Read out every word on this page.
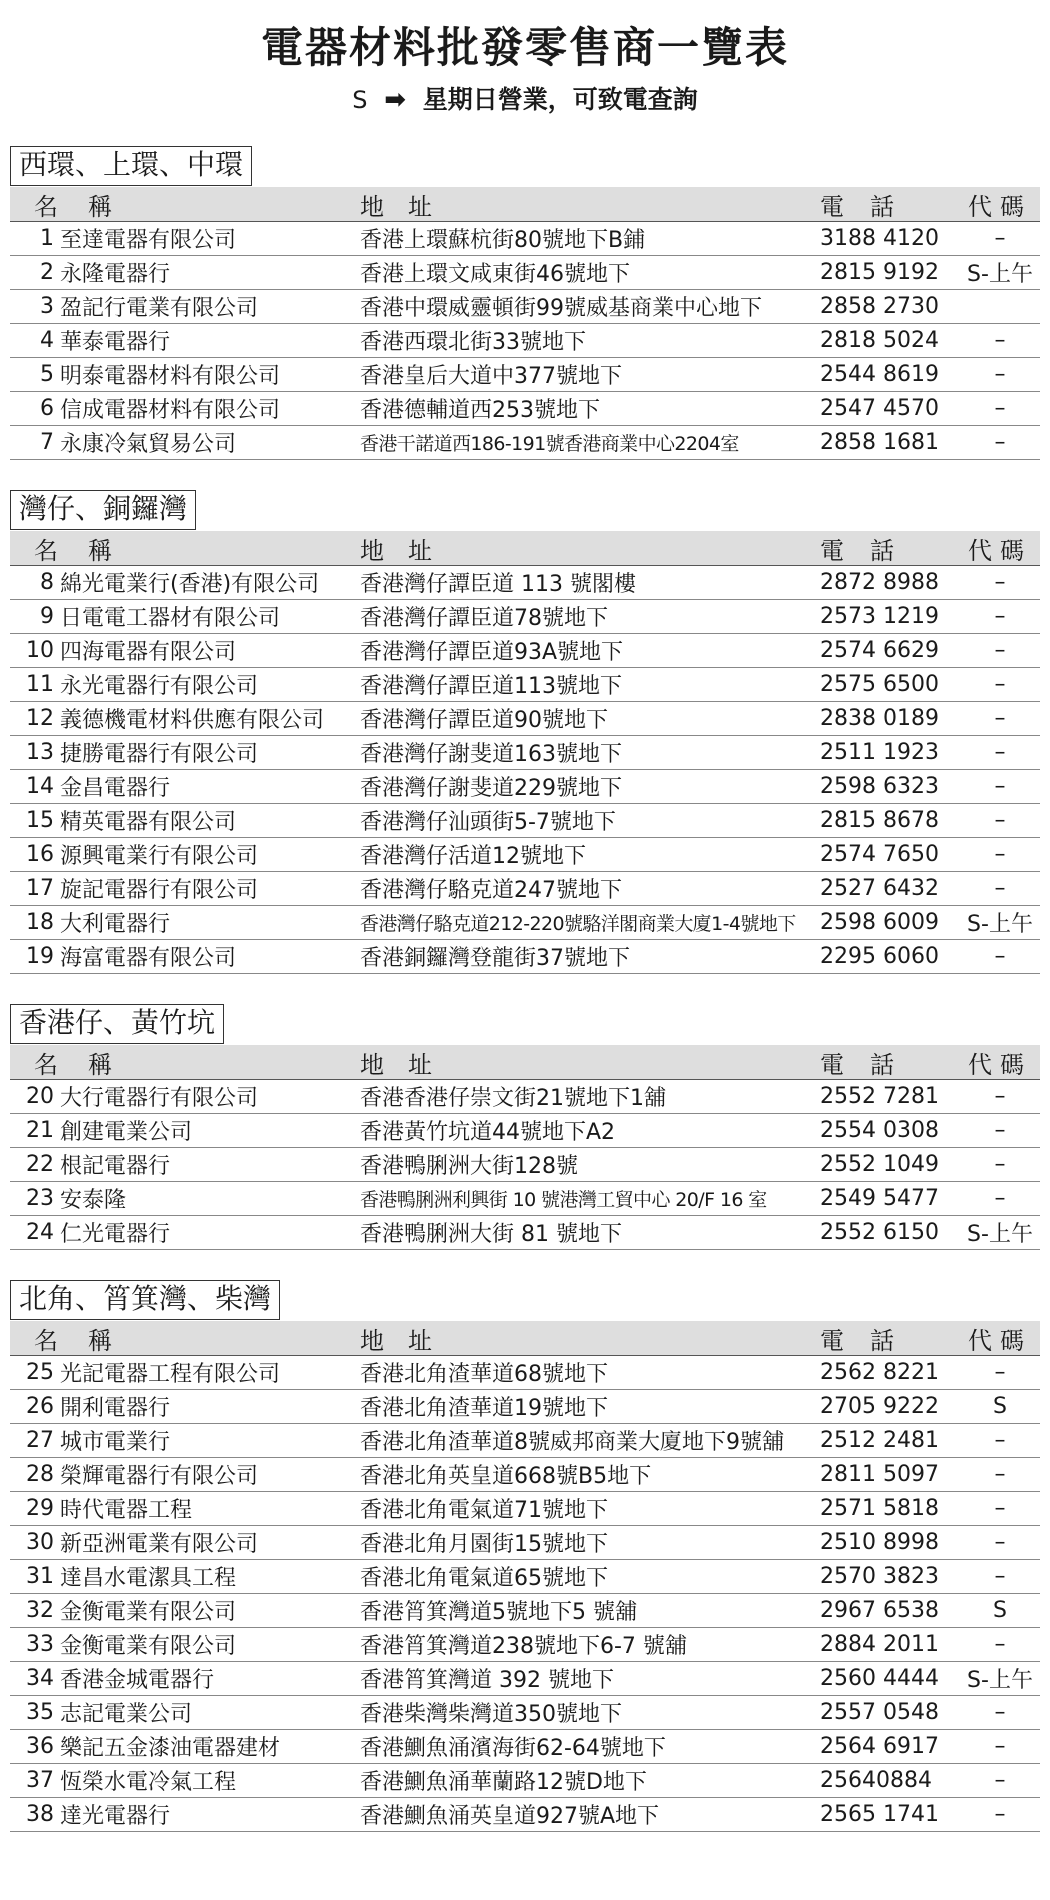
電器材料批發零售商一覽表
S ➡ 星期日營業，可致電查詢
西環、上環、中環
名稱	地址	電話	代碼
1 至達電器有限公司	香港上環蘇杭街80號地下B鋪	3188 4120	–
2 永隆電器行	香港上環文咸東街46號地下	2815 9192	S-上午
3 盈記行電業有限公司	香港中環威靈頓街99號威基商業中心地下	2858 2730
4 華泰電器行	香港西環北街33號地下	2818 5024	–
5 明泰電器材料有限公司	香港皇后大道中377號地下	2544 8619	–
6 信成電器材料有限公司	香港德輔道西253號地下	2547 4570	–
7 永康冷氣貿易公司	香港干諾道西186-191號香港商業中心2204室	2858 1681	–
灣仔、銅鑼灣
名稱	地址	電話	代碼
8 綿光電業行(香港)有限公司	香港灣仔譚臣道 113 號閣樓	2872 8988	–
9 日電電工器材有限公司	香港灣仔譚臣道78號地下	2573 1219	–
10 四海電器有限公司	香港灣仔譚臣道93A號地下	2574 6629	–
11 永光電器行有限公司	香港灣仔譚臣道113號地下	2575 6500	–
12 義德機電材料供應有限公司	香港灣仔譚臣道90號地下	2838 0189	–
13 捷勝電器行有限公司	香港灣仔謝斐道163號地下	2511 1923	–
14 金昌電器行	香港灣仔謝斐道229號地下	2598 6323	–
15 精英電器有限公司	香港灣仔汕頭街5-7號地下	2815 8678	–
16 源興電業行有限公司	香港灣仔活道12號地下	2574 7650	–
17 旋記電器行有限公司	香港灣仔駱克道247號地下	2527 6432	–
18 大利電器行	香港灣仔駱克道212-220號駱洋閣商業大廈1-4號地下	2598 6009	S-上午
19 海富電器有限公司	香港銅鑼灣登龍街37號地下	2295 6060	–
香港仔、黃竹坑
名稱	地址	電話	代碼
20 大行電器行有限公司	香港香港仔崇文街21號地下1舖	2552 7281	–
21 創建電業公司	香港黃竹坑道44號地下A2	2554 0308	–
22 根記電器行	香港鴨脷洲大街128號	2552 1049	–
23 安泰隆	香港鴨脷洲利興街 10 號港灣工貿中心 20/F 16 室	2549 5477	–
24 仁光電器行	香港鴨脷洲大街 81 號地下	2552 6150	S-上午
北角、筲箕灣、柴灣
名稱	地址	電話	代碼
25 光記電器工程有限公司	香港北角渣華道68號地下	2562 8221	–
26 開利電器行	香港北角渣華道19號地下	2705 9222	S
27 城市電業行	香港北角渣華道8號威邦商業大廈地下9號舖	2512 2481	–
28 榮輝電器行有限公司	香港北角英皇道668號B5地下	2811 5097	–
29 時代電器工程	香港北角電氣道71號地下	2571 5818	–
30 新亞洲電業有限公司	香港北角月園街15號地下	2510 8998	–
31 達昌水電潔具工程	香港北角電氣道65號地下	2570 3823	–
32 金衡電業有限公司	香港筲箕灣道5號地下5 號舖	2967 6538	S
33 金衡電業有限公司	香港筲箕灣道238號地下6-7 號舖	2884 2011	–
34 香港金城電器行	香港筲箕灣道 392 號地下	2560 4444	S-上午
35 志記電業公司	香港柴灣柴灣道350號地下	2557 0548	–
36 樂記五金漆油電器建材	香港鰂魚涌濱海街62-64號地下	2564 6917	–
37 恆榮水電冷氣工程	香港鰂魚涌華蘭路12號D地下	25640884	–
38 達光電器行	香港鰂魚涌英皇道927號A地下	2565 1741	–
